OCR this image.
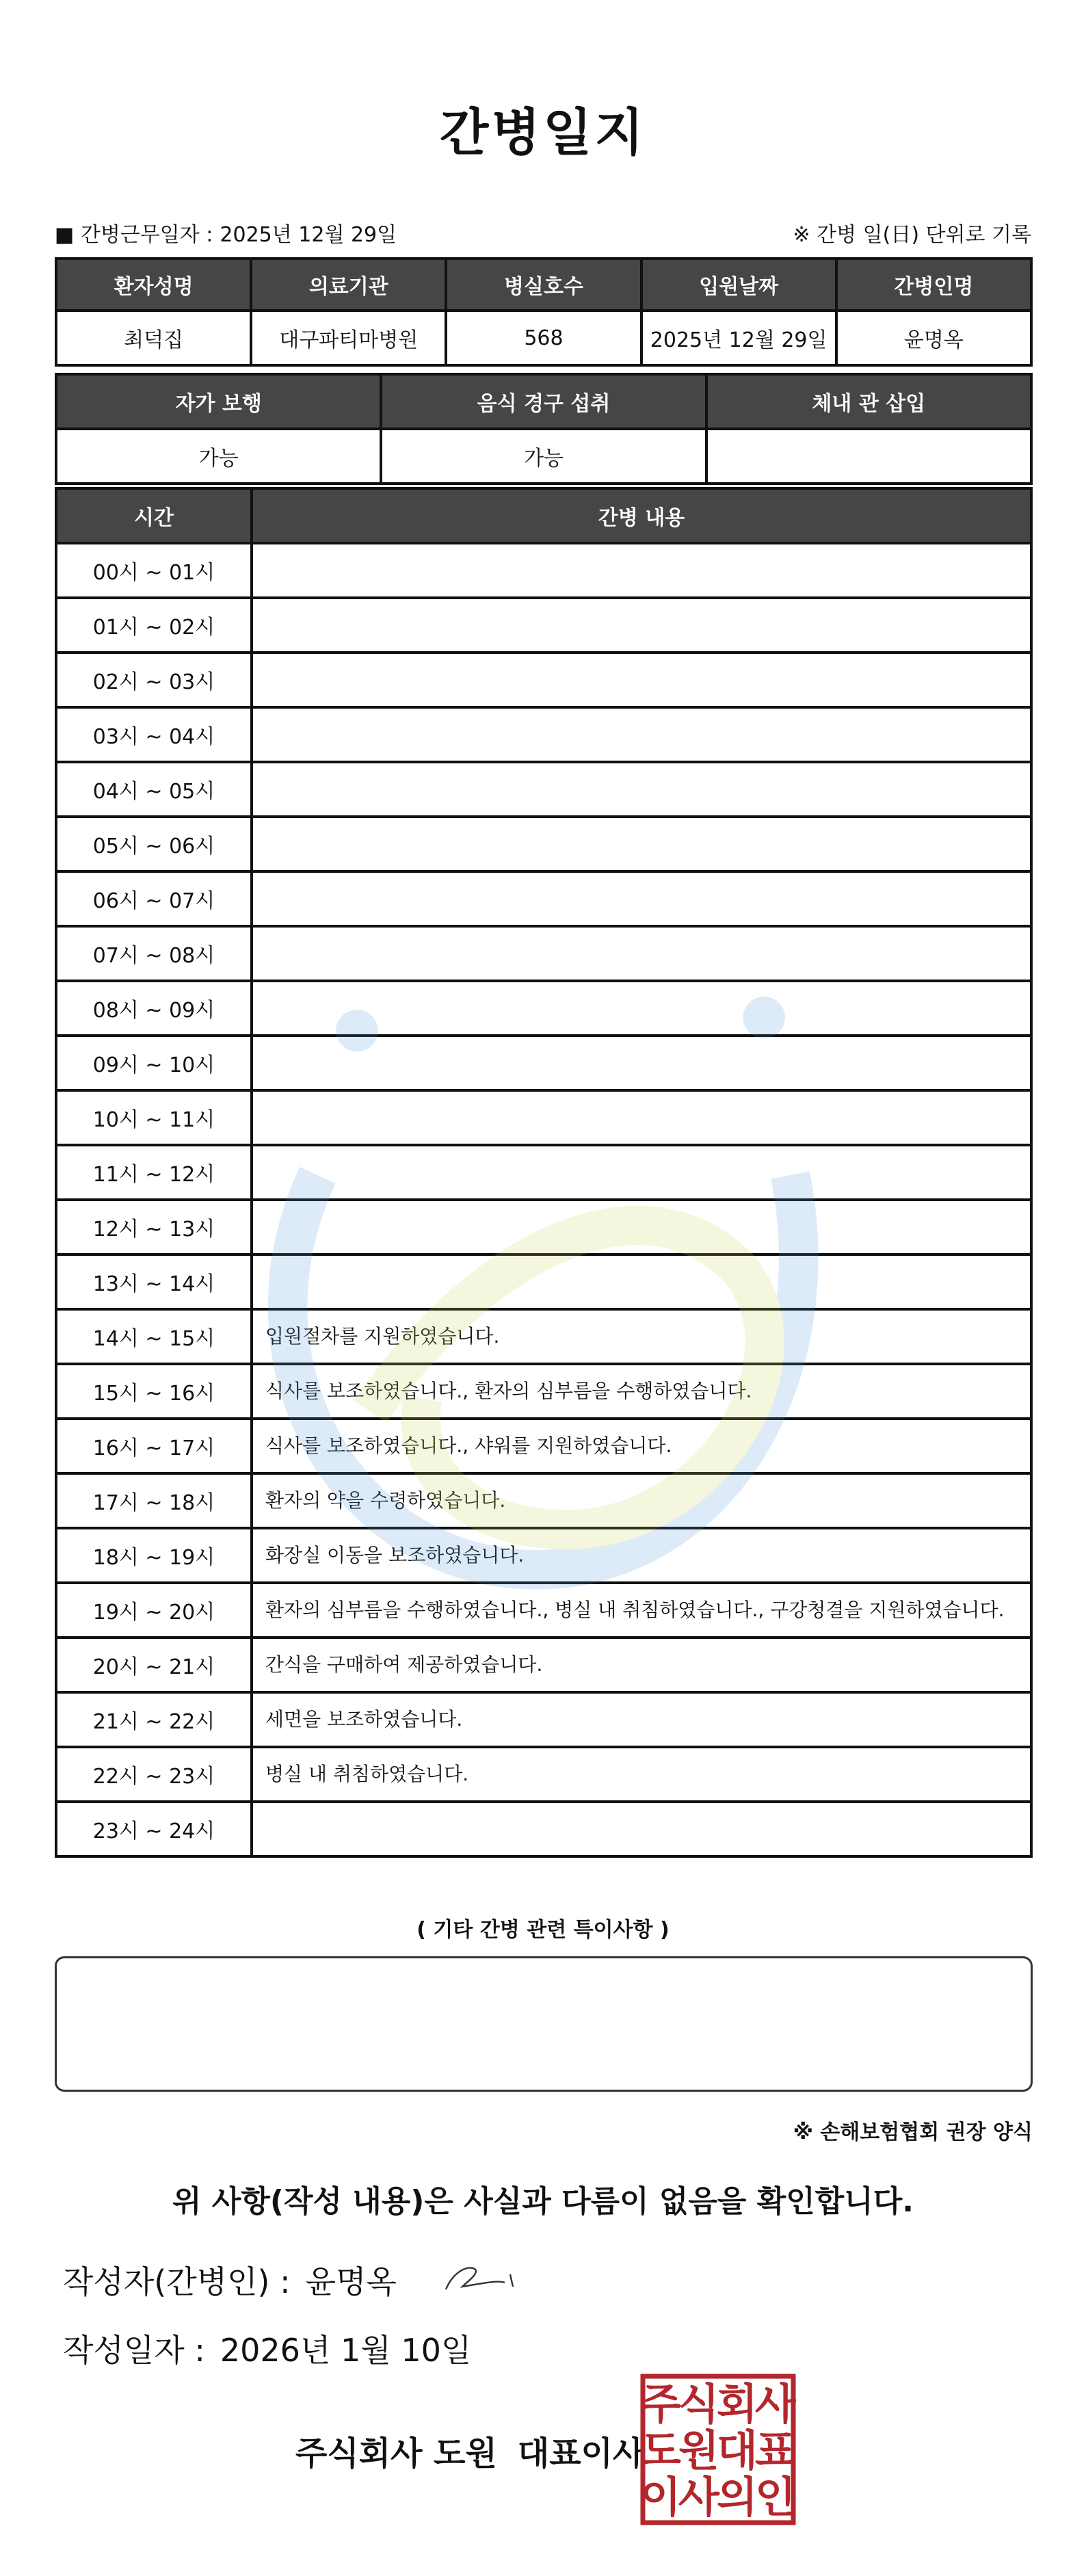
간병일지
■ 간병근무일자 : 2025년 12월 29일	※ 간병 일(日) 단위로 기록
환자성명	의료기관	병실호수	입원날짜	간병인명
최덕집	대구파티마병원	568	2025년 12월 29일	윤명옥
자가 보행	음식 경구 섭취	체내 관 삽입
가능	가능	
시간	간병 내용
00시 ~ 01시	
01시 ~ 02시	
02시 ~ 03시	
03시 ~ 04시	
04시 ~ 05시	
05시 ~ 06시	
06시 ~ 07시	
07시 ~ 08시	
08시 ~ 09시	
09시 ~ 10시	
10시 ~ 11시	
11시 ~ 12시	
12시 ~ 13시	
13시 ~ 14시	
14시 ~ 15시	입원절차를 지원하였습니다.
15시 ~ 16시	식사를 보조하였습니다., 환자의 심부름을 수행하였습니다.
16시 ~ 17시	식사를 보조하였습니다., 샤워를 지원하였습니다.
17시 ~ 18시	환자의 약을 수령하였습니다.
18시 ~ 19시	화장실 이동을 보조하였습니다.
19시 ~ 20시	환자의 심부름을 수행하였습니다., 병실 내 취침하였습니다., 구강청결을 지원하였습니다.
20시 ~ 21시	간식을 구매하여 제공하였습니다.
21시 ~ 22시	세면을 보조하였습니다.
22시 ~ 23시	병실 내 취침하였습니다.
23시 ~ 24시	
( 기타 간병 관련 특이사항 )
※ 손해보험협회 권장 양식
위 사항(작성 내용)은 사실과 다름이 없음을 확인합니다.
작성자(간병인) : 윤명옥
작성일자 : 2026년 1월 10일
주식회사 도원 대표이사
주
식
회
사
도
원
대
표
이
사
의
인
